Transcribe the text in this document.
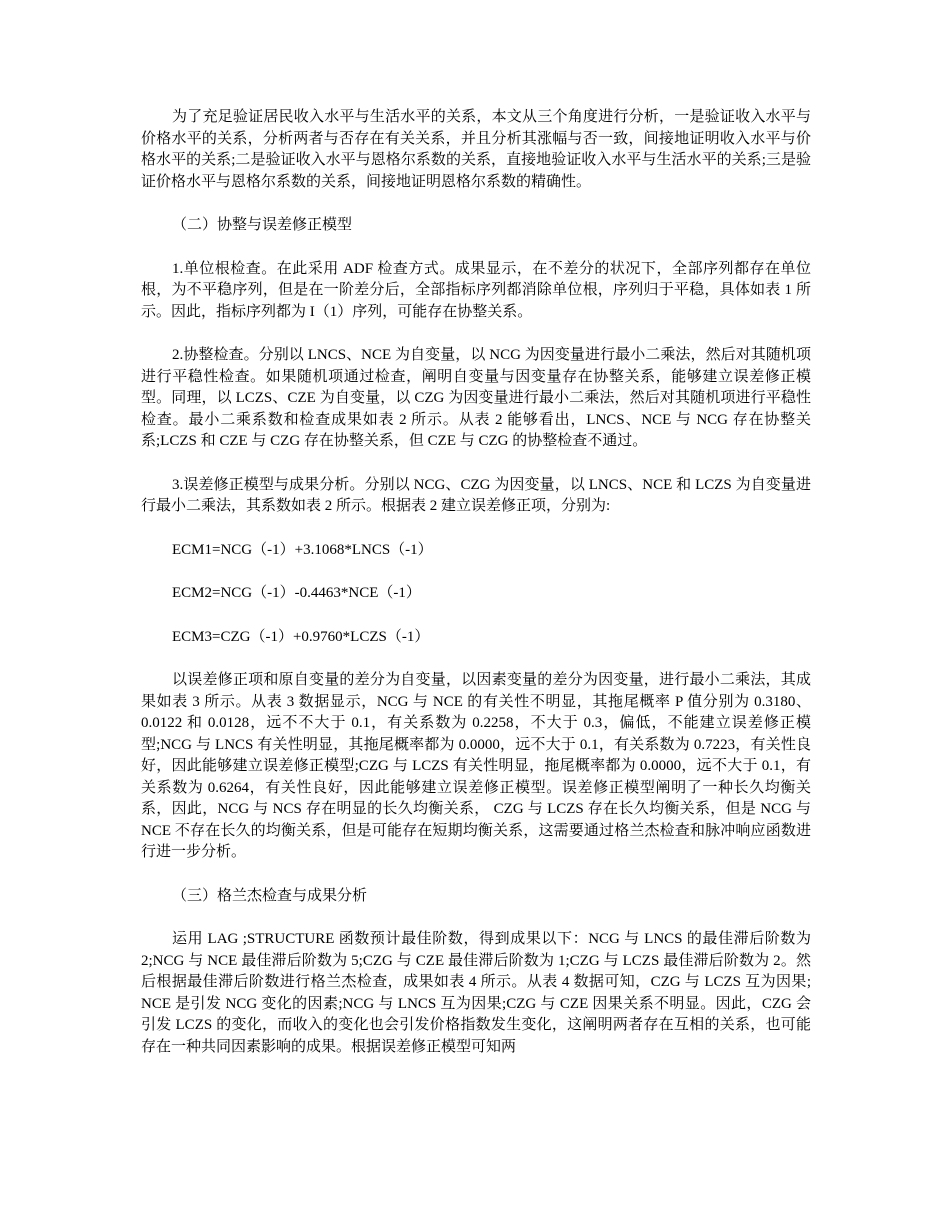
为了充足验证居民收入水平与生活水平的关系，本文从三个角度进行分析，一是验证收入水平与价格水平的关系，分析两者与否存在有关关系，并且分析其涨幅与否一致，间接地证明收入水平与价格水平的关系;二是验证收入水平与恩格尔系数的关系，直接地验证收入水平与生活水平的关系;三是验证价格水平与恩格尔系数的关系，间接地证明恩格尔系数的精确性。

（二）协整与误差修正模型

1.单位根检查。在此采用 ADF 检查方式。成果显示，在不差分的状况下，全部序列都存在单位根，为不平稳序列，但是在一阶差分后，全部指标序列都消除单位根，序列归于平稳，具体如表 1 所示。因此，指标序列都为 I（1）序列，可能存在协整关系。

2.协整检查。分别以 LNCS、NCE 为自变量，以 NCG 为因变量进行最小二乘法，然后对其随机项进行平稳性检查。如果随机项通过检查，阐明自变量与因变量存在协整关系，能够建立误差修正模型。同理，以 LCZS、CZE 为自变量，以 CZG 为因变量进行最小二乘法，然后对其随机项进行平稳性检查。最小二乘系数和检查成果如表 2 所示。从表 2 能够看出，LNCS、NCE 与 NCG 存在协整关系;LCZS 和 CZE 与 CZG 存在协整关系，但 CZE 与 CZG 的协整检查不通过。

3.误差修正模型与成果分析。分别以 NCG、CZG 为因变量，以 LNCS、NCE 和 LCZS 为自变量进行最小二乘法，其系数如表 2 所示。根据表 2 建立误差修正项，分别为:

ECM1=NCG（-1）+3.1068*LNCS（-1）

ECM2=NCG（-1）-0.4463*NCE（-1）

ECM3=CZG（-1）+0.9760*LCZS（-1）

以误差修正项和原自变量的差分为自变量，以因素变量的差分为因变量，进行最小二乘法，其成果如表 3 所示。从表 3 数据显示，NCG 与 NCE 的有关性不明显，其拖尾概率 P 值分别为 0.3180、0.0122 和 0.0128，远不不大于 0.1，有关系数为 0.2258，不大于 0.3，偏低，不能建立误差修正模型;NCG 与 LNCS 有关性明显，其拖尾概率都为 0.0000，远不大于 0.1，有关系数为 0.7223，有关性良好，因此能够建立误差修正模型;CZG 与 LCZS 有关性明显，拖尾概率都为 0.0000，远不大于 0.1，有关系数为 0.6264，有关性良好，因此能够建立误差修正模型。误差修正模型阐明了一种长久均衡关系，因此，NCG 与 NCS 存在明显的长久均衡关系， CZG 与 LCZS 存在长久均衡关系，但是 NCG 与 NCE 不存在长久的均衡关系，但是可能存在短期均衡关系，这需要通过格兰杰检查和脉冲响应函数进行进一步分析。

（三）格兰杰检查与成果分析

运用 LAG ;STRUCTURE 函数预计最佳阶数，得到成果以下：NCG 与 LNCS 的最佳滞后阶数为 2;NCG 与 NCE 最佳滞后阶数为 5;CZG 与 CZE 最佳滞后阶数为 1;CZG 与 LCZS 最佳滞后阶数为 2。然后根据最佳滞后阶数进行格兰杰检查，成果如表 4 所示。从表 4 数据可知，CZG 与 LCZS 互为因果; NCE 是引发 NCG 变化的因素;NCG 与 LNCS 互为因果;CZG 与 CZE 因果关系不明显。因此，CZG 会引发 LCZS 的变化，而收入的变化也会引发价格指数发生变化，这阐明两者存在互相的关系，也可能存在一种共同因素影响的成果。根据误差修正模型可知两
